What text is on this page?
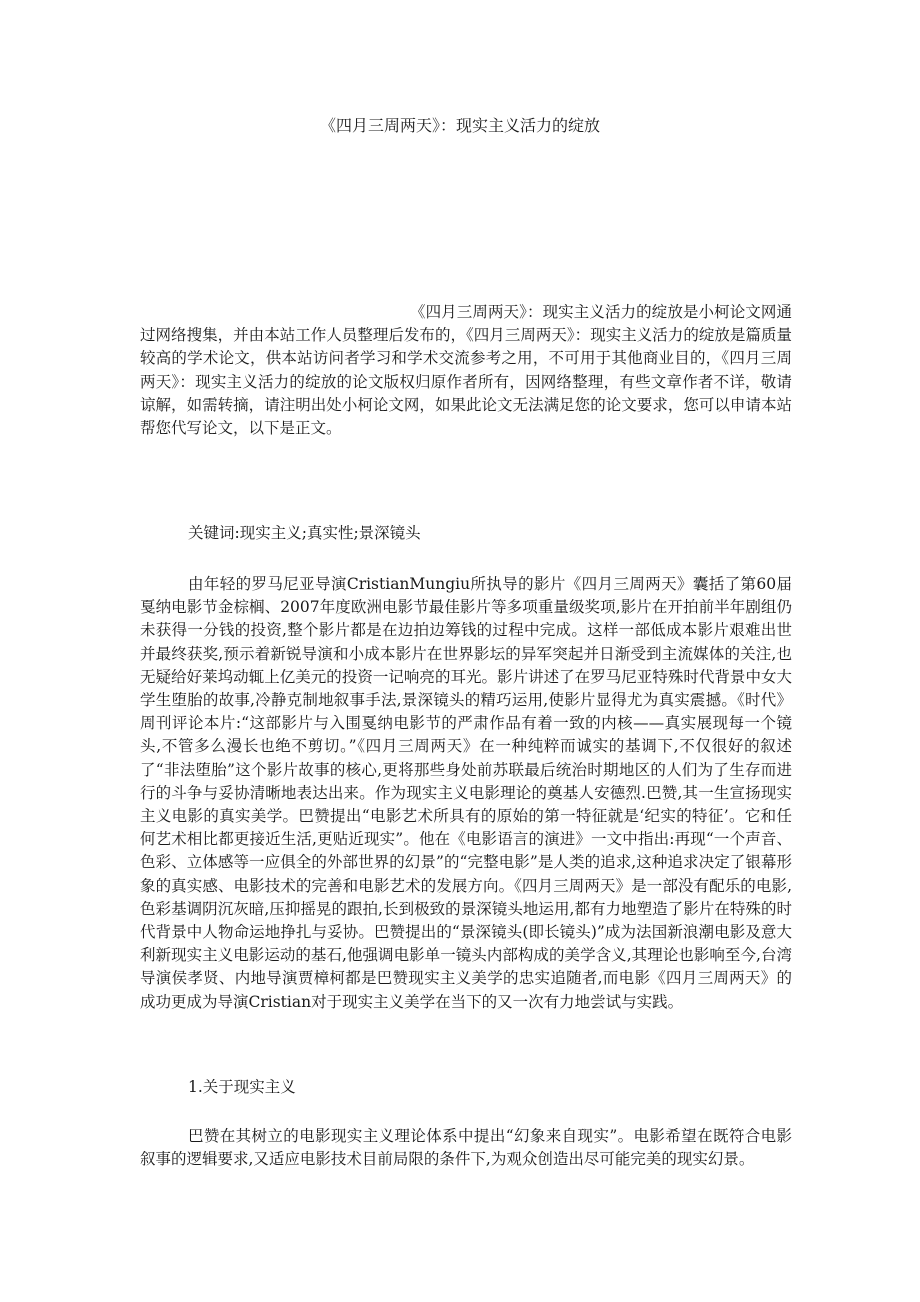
《四月三周两天》：现实主义活力的绽放

《四月三周两天》：现实主义活力的绽放是小柯论文网通过网络搜集，并由本站工作人员整理后发布的，《四月三周两天》：现实主义活力的绽放是篇质量较高的学术论文，供本站访问者学习和学术交流参考之用，不可用于其他商业目的，《四月三周两天》：现实主义活力的绽放的论文版权归原作者所有，因网络整理，有些文章作者不详，敬请谅解，如需转摘，请注明出处小柯论文网，如果此论文无法满足您的论文要求，您可以申请本站帮您代写论文，以下是正文。

关键词:现实主义;真实性;景深镜头

由年轻的罗马尼亚导演CristianMungiu所执导的影片《四月三周两天》囊括了第60届戛纳电影节金棕榈、2007年度欧洲电影节最佳影片等多项重量级奖项,影片在开拍前半年剧组仍未获得一分钱的投资,整个影片都是在边拍边筹钱的过程中完成。这样一部低成本影片艰难出世并最终获奖,预示着新锐导演和小成本影片在世界影坛的异军突起并日渐受到主流媒体的关注,也无疑给好莱坞动辄上亿美元的投资一记响亮的耳光。影片讲述了在罗马尼亚特殊时代背景中女大学生堕胎的故事,冷静克制地叙事手法,景深镜头的精巧运用,使影片显得尤为真实震撼。《时代》周刊评论本片:“这部影片与入围戛纳电影节的严肃作品有着一致的内核——真实展现每一个镜头,不管多么漫长也绝不剪切。”《四月三周两天》在一种纯粹而诚实的基调下,不仅很好的叙述了“非法堕胎”这个影片故事的核心,更将那些身处前苏联最后统治时期地区的人们为了生存而进行的斗争与妥协清晰地表达出来。作为现实主义电影理论的奠基人安德烈.巴赞,其一生宣扬现实主义电影的真实美学。巴赞提出“电影艺术所具有的原始的第一特征就是‘纪实的特征’。它和任何艺术相比都更接近生活,更贴近现实”。他在《电影语言的演进》一文中指出:再现“一个声音、色彩、立体感等一应俱全的外部世界的幻景”的“完整电影”是人类的追求,这种追求决定了银幕形象的真实感、电影技术的完善和电影艺术的发展方向。《四月三周两天》是一部没有配乐的电影,色彩基调阴沉灰暗,压抑摇晃的跟拍,长到极致的景深镜头地运用,都有力地塑造了影片在特殊的时代背景中人物命运地挣扎与妥协。巴赞提出的“景深镜头(即长镜头)”成为法国新浪潮电影及意大利新现实主义电影运动的基石,他强调电影单一镜头内部构成的美学含义,其理论也影响至今,台湾导演侯孝贤、内地导演贾樟柯都是巴赞现实主义美学的忠实追随者,而电影《四月三周两天》的成功更成为导演Cristian对于现实主义美学在当下的又一次有力地尝试与实践。

1.关于现实主义

巴赞在其树立的电影现实主义理论体系中提出“幻象来自现实”。电影希望在既符合电影叙事的逻辑要求,又适应电影技术目前局限的条件下,为观众创造出尽可能完美的现实幻景。
